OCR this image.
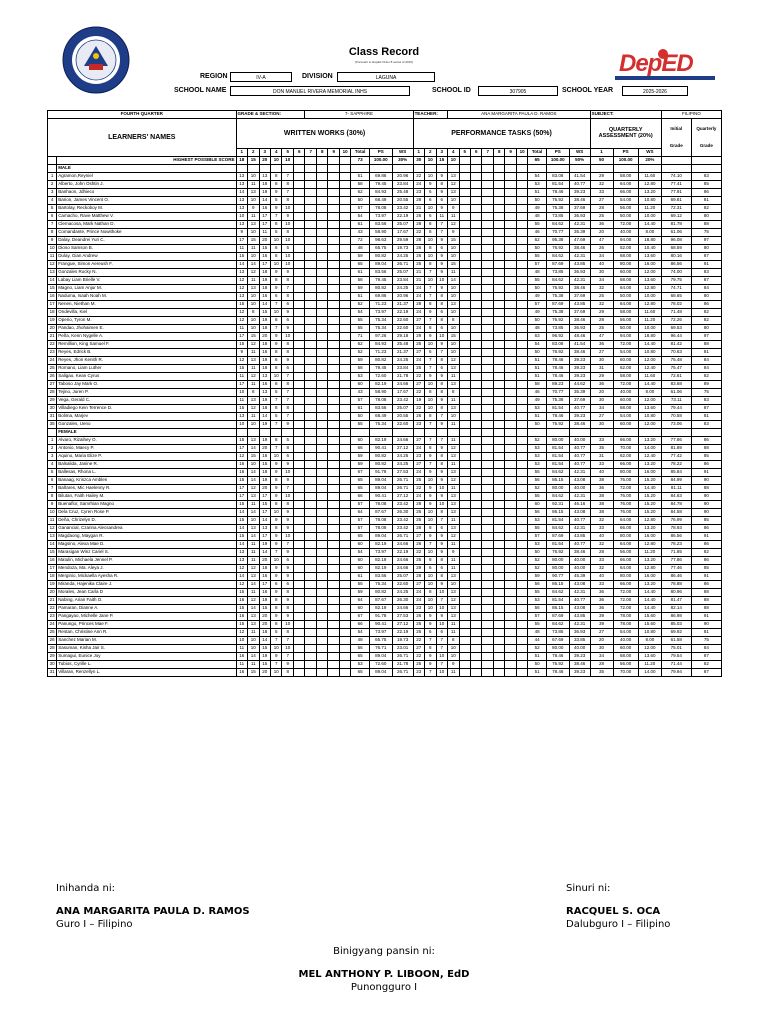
Class Record
(Pursuant to DepEd Order 8 series of 2015)	DepED
REGION	IV-A	DIVISION	LAGUNA
SCHOOL NAME	DON MANUEL RIVERA MEMORIAL INHS	SCHOOL ID	307905	SCHOOL YEAR	2025-2026
FOURTH QUARTER		GRADE & SECTION:						7- SAPPHIRE							TEACHER:			ANA MARGARITA PAULA D. RAMOS										SUBJECT:			FILIPINO	
LEARNERS' NAMES		WRITTEN WORKS (30%)													PERFORMANCE TASKS (50%)													QUARTERLY ASSESSMENT (20%)			Initial
Grade	Quarterly
Grade

		1	2	3	4	5	6	7	8	9	10	Total	PS	WS	1	2	3	4	5	6	7	8	9	10	Total	PS	WS	1	PS	WS		
	HIGHEST POSSIBLE SCORE	18	15	20	10	10						73	100.00	30%	30	10	15	10							65	100.00	50%	50	100.00	20%		
	MALE																															
1	Agramon,Reyniel	13	10	13	8	7						51	69.86	20.96	22	10	9	13							54	83.08	41.54	29	58.00	11.60	74.10	83
2	Alberto, John Oshtin J.	13	11	18	8	8						58	79.45	23.84	24	9	8	12							53	81.54	40.77	32	64.00	12.80	77.41	85
3	Banhaon, Jdhieco	14	13	19	9	7						62	84.93	25.48	23	6	9	13							51	78.46	39.23	33	66.00	13.20	77.91	86
4	Barion, James Vincent O.	13	10	14	5	8						50	68.49	20.55	28	6	6	10							50	76.92	38.46	27	54.00	10.80	69.81	81
5	Bartolay, Reckoboy M.	13	9	16	9	10						57	78.08	23.42	21	10	9	9							49	75.38	37.69	28	56.00	11.20	72.31	82
6	Camacho, Rave Matthew V.	10	11	17	7	9						54	73.97	22.19	26	6	11	11							48	73.85	36.93	25	50.00	10.00	69.12	80
7	Clemacosa, Mark Nathan D.	13	13	17	8	10						61	83.56	25.07	28	8	7	12							55	84.62	42.31	36	72.00	14.40	81.78	88
8	Comandante, Prince Nowithoke	9	10	11	5	8						43	58.90	17.67	22	8	7	9							46	70.77	35.39	20	40.00	8.00	61.06	75
9	Dalay, Deandrei Yuri C.	17	15	20	10	10						72	98.63	29.59	28	10	9	15							62	95.38	47.69	47	94.00	18.80	96.08	97
10	Dioso Samson B.	11	11	15	6	5						48	65.75	19.73	26	8	6	10							50	76.92	38.46	26	52.00	10.40	68.59	80
11	Dulay, Gian Andrew	15	10	16	8	10						59	80.82	24.25	26	10	9	10							55	84.62	42.31	34	68.00	13.60	80.16	87
12	Frangue, Simon Aereush F.	14	14	17	10	10						65	89.04	26.71	25	8	9	15							57	87.69	43.85	40	80.00	16.00	86.56	91
13	Gonzales Rocky N.	13	12	18	9	9						61	83.56	25.07	21	7	9	11							48	73.85	36.93	30	60.00	12.00	74.00	83
14	Labay Liam Brielle V.	12	11	19	8	8						58	79.45	23.84	21	10	10	14							55	84.62	42.31	34	68.00	13.60	79.75	87
15	Magno, Liam Anjur M.	12	13	18	9	7						59	80.82	24.25	24	7	9	10							50	76.92	38.46	32	64.00	12.80	74.71	84
16	Naduma, Isaah Noah M.	13	10	16	6	8						51	69.86	20.96	24	7	8	10							49	75.38	37.69	25	50.00	10.00	68.65	80
17	Nenen, Niethan M.	15	10	14	7	6						52	71.23	21.37	28	8	8	13							57	87.69	43.85	32	64.00	12.80	78.02	86
18	Ondevilla, Kiel	12	8	15	10	9						54	73.97	22.19	24	9	6	10							49	75.38	37.69	29	58.00	11.60	71.48	82
19	Operio, Tyron M.	12	10	19	8	6						55	75.34	22.60	27	7	8	8							50	76.92	38.46	28	56.00	11.20	72.26	82
20	Pandao, Jhohaimen E.	11	10	18	7	9						55	75.34	22.60	24	8	6	10							48	73.85	36.93	25	50.00	10.00	69.53	80
21	Peña, Kenn Nygelle A.	17	15	20	9	10						71	97.26	29.18	29	9	10	15							63	96.92	48.46	47	94.00	18.80	96.44	97
22	Remillion, King Samuel F.	15	12	18	9	8						62	84.93	25.48	25	10	9	10							54	83.08	41.54	36	72.00	14.40	81.42	88
23	Reyes, Edrick B.	9	11	16	8	8						52	71.23	21.37	27	6	7	10							50	76.92	38.46	27	54.00	10.80	70.63	81
24	Reyes, Jhon Kenith R.	12	13	19	6	9						59	80.82	24.25	24	7	8	12							51	78.46	39.23	30	60.00	12.00	75.48	84
25	Romano, Liam Luther	15	11	18	8	6						58	79.45	23.84	25	7	6	13							51	78.46	39.23	31	62.00	12.40	75.47	84
26	Saligao, Kean Cyrus	11	12	13	10	7						53	72.60	21.78	22	9	9	11							51	78.46	39.23	29	58.00	11.60	72.61	82
27	Taboso Jay Mark O.	17	11	16	8	8						60	82.19	24.66	27	10	8	13							58	89.23	44.62	36	72.00	14.40	83.68	89
28	Tejino, Juren P.	10	8	13	5	7						43	58.90	17.67	22	8	8	8							46	70.77	35.39	20	40.00	8.00	61.06	75
29	Vega, Gerald C.	11	13	19	7	7						57	78.08	23.42	19	10	9	11							49	75.38	37.69	30	60.00	12.00	73.11	83
30	Villadiego Kein Terrence D.	15	12	18	8	8						61	83.56	25.07	22	10	8	13							53	81.54	40.77	34	68.00	13.60	79.44	87
31	Bolima, Marjev	13	11	14	5	7						50	68.49	20.55	26	8	7	10							51	78.46	39.23	27	54.00	10.80	70.58	81
35	Gonzales, Ueno	10	10	19	7	9						55	75.34	22.60	23	7	9	11							50	76.92	38.46	30	60.00	12.00	73.06	83
	FEMALE																															
1	Alvaro, Rizaihey O.	15	13	19	8	5						60	82.19	24.66	27	7	7	11							52	80.00	40.00	33	66.00	13.20	77.86	86
2	Antonio, Maecy P.	17	14	20	7	8						66	90.41	27.12	24	8	9	12							53	81.54	40.77	35	70.00	14.00	81.89	88
3	Aquino, Maria Elize P.	12	15	16	10	6						59	80.82	24.25	23	9	8	13							53	81.54	40.77	31	62.00	12.40	77.42	85
4	Balsalida, Janine R.	16	10	15	9	9						59	80.82	24.25	27	7	8	11							53	81.54	40.77	33	66.00	13.20	78.22	86
5	Ballesas, Rhona L.	16	14	18	9	10						67	91.78	27.53	24	9	9	13							55	84.62	42.31	40	80.00	16.00	85.84	91
6	Banaag, Kriszca Amblen	15	14	19	8	9						65	89.04	26.71	25	10	9	12							56	86.15	43.08	38	76.00	15.20	84.99	90
7	Bañares, Mic Haelenny R.	17	12	20	9	7						65	89.04	26.71	22	9	10	11							52	80.00	40.00	36	72.00	14.40	81.11	88
8	Bilutan, Faith Hailey M.	17	13	17	9	10						66	90.41	27.12	24	9	9	13							55	84.62	42.31	38	76.00	15.20	84.63	90
9	Buenaflor, Samrhian Magno	15	11	15	8	8						57	78.08	23.42	28	9	10	13							60	92.31	46.16	38	76.00	15.20	84.78	90
10	Dela Cruz, Cyren Rose P.	14	14	17	10	9						64	87.67	26.30	25	10	8	13							56	86.15	43.08	38	76.00	15.20	84.58	90
11	Deña, Chrizelyn D.	15	10	14	9	9						57	78.08	23.42	25	10	7	11							53	81.54	40.77	32	64.00	12.80	76.99	85
12	Ganancial, Czarina Alecsandrea	14	13	13	8	9						57	78.08	23.42	28	8	6	13							55	84.62	42.31	33	66.00	13.20	78.93	86
13	Magdaong, Maygan R.	15	14	17	9	10						65	89.04	26.71	27	9	9	12							57	87.69	43.85	40	80.00	16.00	86.56	91
14	Magsino, Alexa Mae D.	14	11	19	9	7						60	82.19	24.66	26	7	9	11							53	81.54	40.77	32	64.00	12.80	78.23	86
15	Marasigan Winz Cariel S.	13	11	14	7	9						54	73.97	22.19	22	10	9	9							50	76.92	38.46	28	56.00	11.20	71.85	82
16	Matulin, Michaela Jennel P.	13	11	20	10	6						60	82.19	24.66	25	8	8	11							52	80.00	40.00	33	66.00	13.20	77.86	86
17	Mendoza, Ma. Aleya J.	12	12	18	9	9						60	82.19	24.66	29	6	6	11							52	80.00	40.00	32	64.00	12.80	77.46	85
18	Merginio, Mickaella Ayesha R.	14	13	16	9	9						61	83.56	25.07	28	10	8	13							59	90.77	45.39	40	80.00	16.00	86.46	91
19	Miranda, Hajenika Claire J.	12	14	17	6	6						55	75.34	22.60	27	10	9	10							56	86.15	43.08	33	66.00	13.20	78.88	86
20	Morales, Jean Carla D	15	11	16	9	8						59	80.82	24.25	24	8	10	13							55	84.62	42.31	36	72.00	14.40	80.96	88
21	Nabing, Arian Faith O.	16	12	19	8	9						64	87.67	26.30	24	10	7	12							53	81.54	40.77	36	72.00	14.40	81.47	88
22	Pamaran, Dianne A.	15	14	15	8	8						60	82.19	24.66	23	10	10	13							56	86.15	43.08	36	72.00	14.40	82.14	88
23	Pangayao, Michelle Jane P.	16	13	20	9	9						67	91.78	27.53	26	9	9	13							57	87.69	43.85	39	78.00	15.60	86.98	91
24	Panungo, Princes Mae F.	15	13	20	8	10						66	90.41	27.12	25	9	10	11							55	84.62	42.31	39	78.00	15.60	85.03	90
25	Restan, Christine Ann R.	12	11	18	5	8						54	73.97	22.19	25	6	6	11							48	73.85	36.93	27	54.00	10.80	69.92	81
26	Sanchez Marian M.	10	10	14	7	7						48	65.75	19.73	22	7	7	8							44	67.69	33.85	20	40.00	8.00	61.58	75
28	Sasuman, Kisha Jair S.	11	10	15	10	10						56	76.71	23.01	27	8	7	10							52	80.00	40.00	30	60.00	12.00	75.01	84
29	Sumagui, Eunice Joy	16	14	19	9	7						65	89.04	26.71	22	9	10	10							51	78.46	39.23	34	68.00	13.60	79.54	87
30	Tubios, Cyrille L.	11	11	15	7	9						53	72.60	21.78	25	9	7	9							50	76.92	38.46	28	56.00	11.20	71.44	82
31	Villaran, Renzellyn L.	16	15	20	10	8						65	89.04	26.71	23	7	10	11							51	78.46	39.23	35	70.00	14.00	79.94	87
Inihanda ni:
ANA MARGARITA PAULA D. RAMOS
Guro I – Filipino
Sinuri ni:
RACQUEL S. OCA
Dalubguro I – Filipino
Binigyang pansin ni:
MEL ANTHONY P. LIBOON, EdD
Punongguro I
